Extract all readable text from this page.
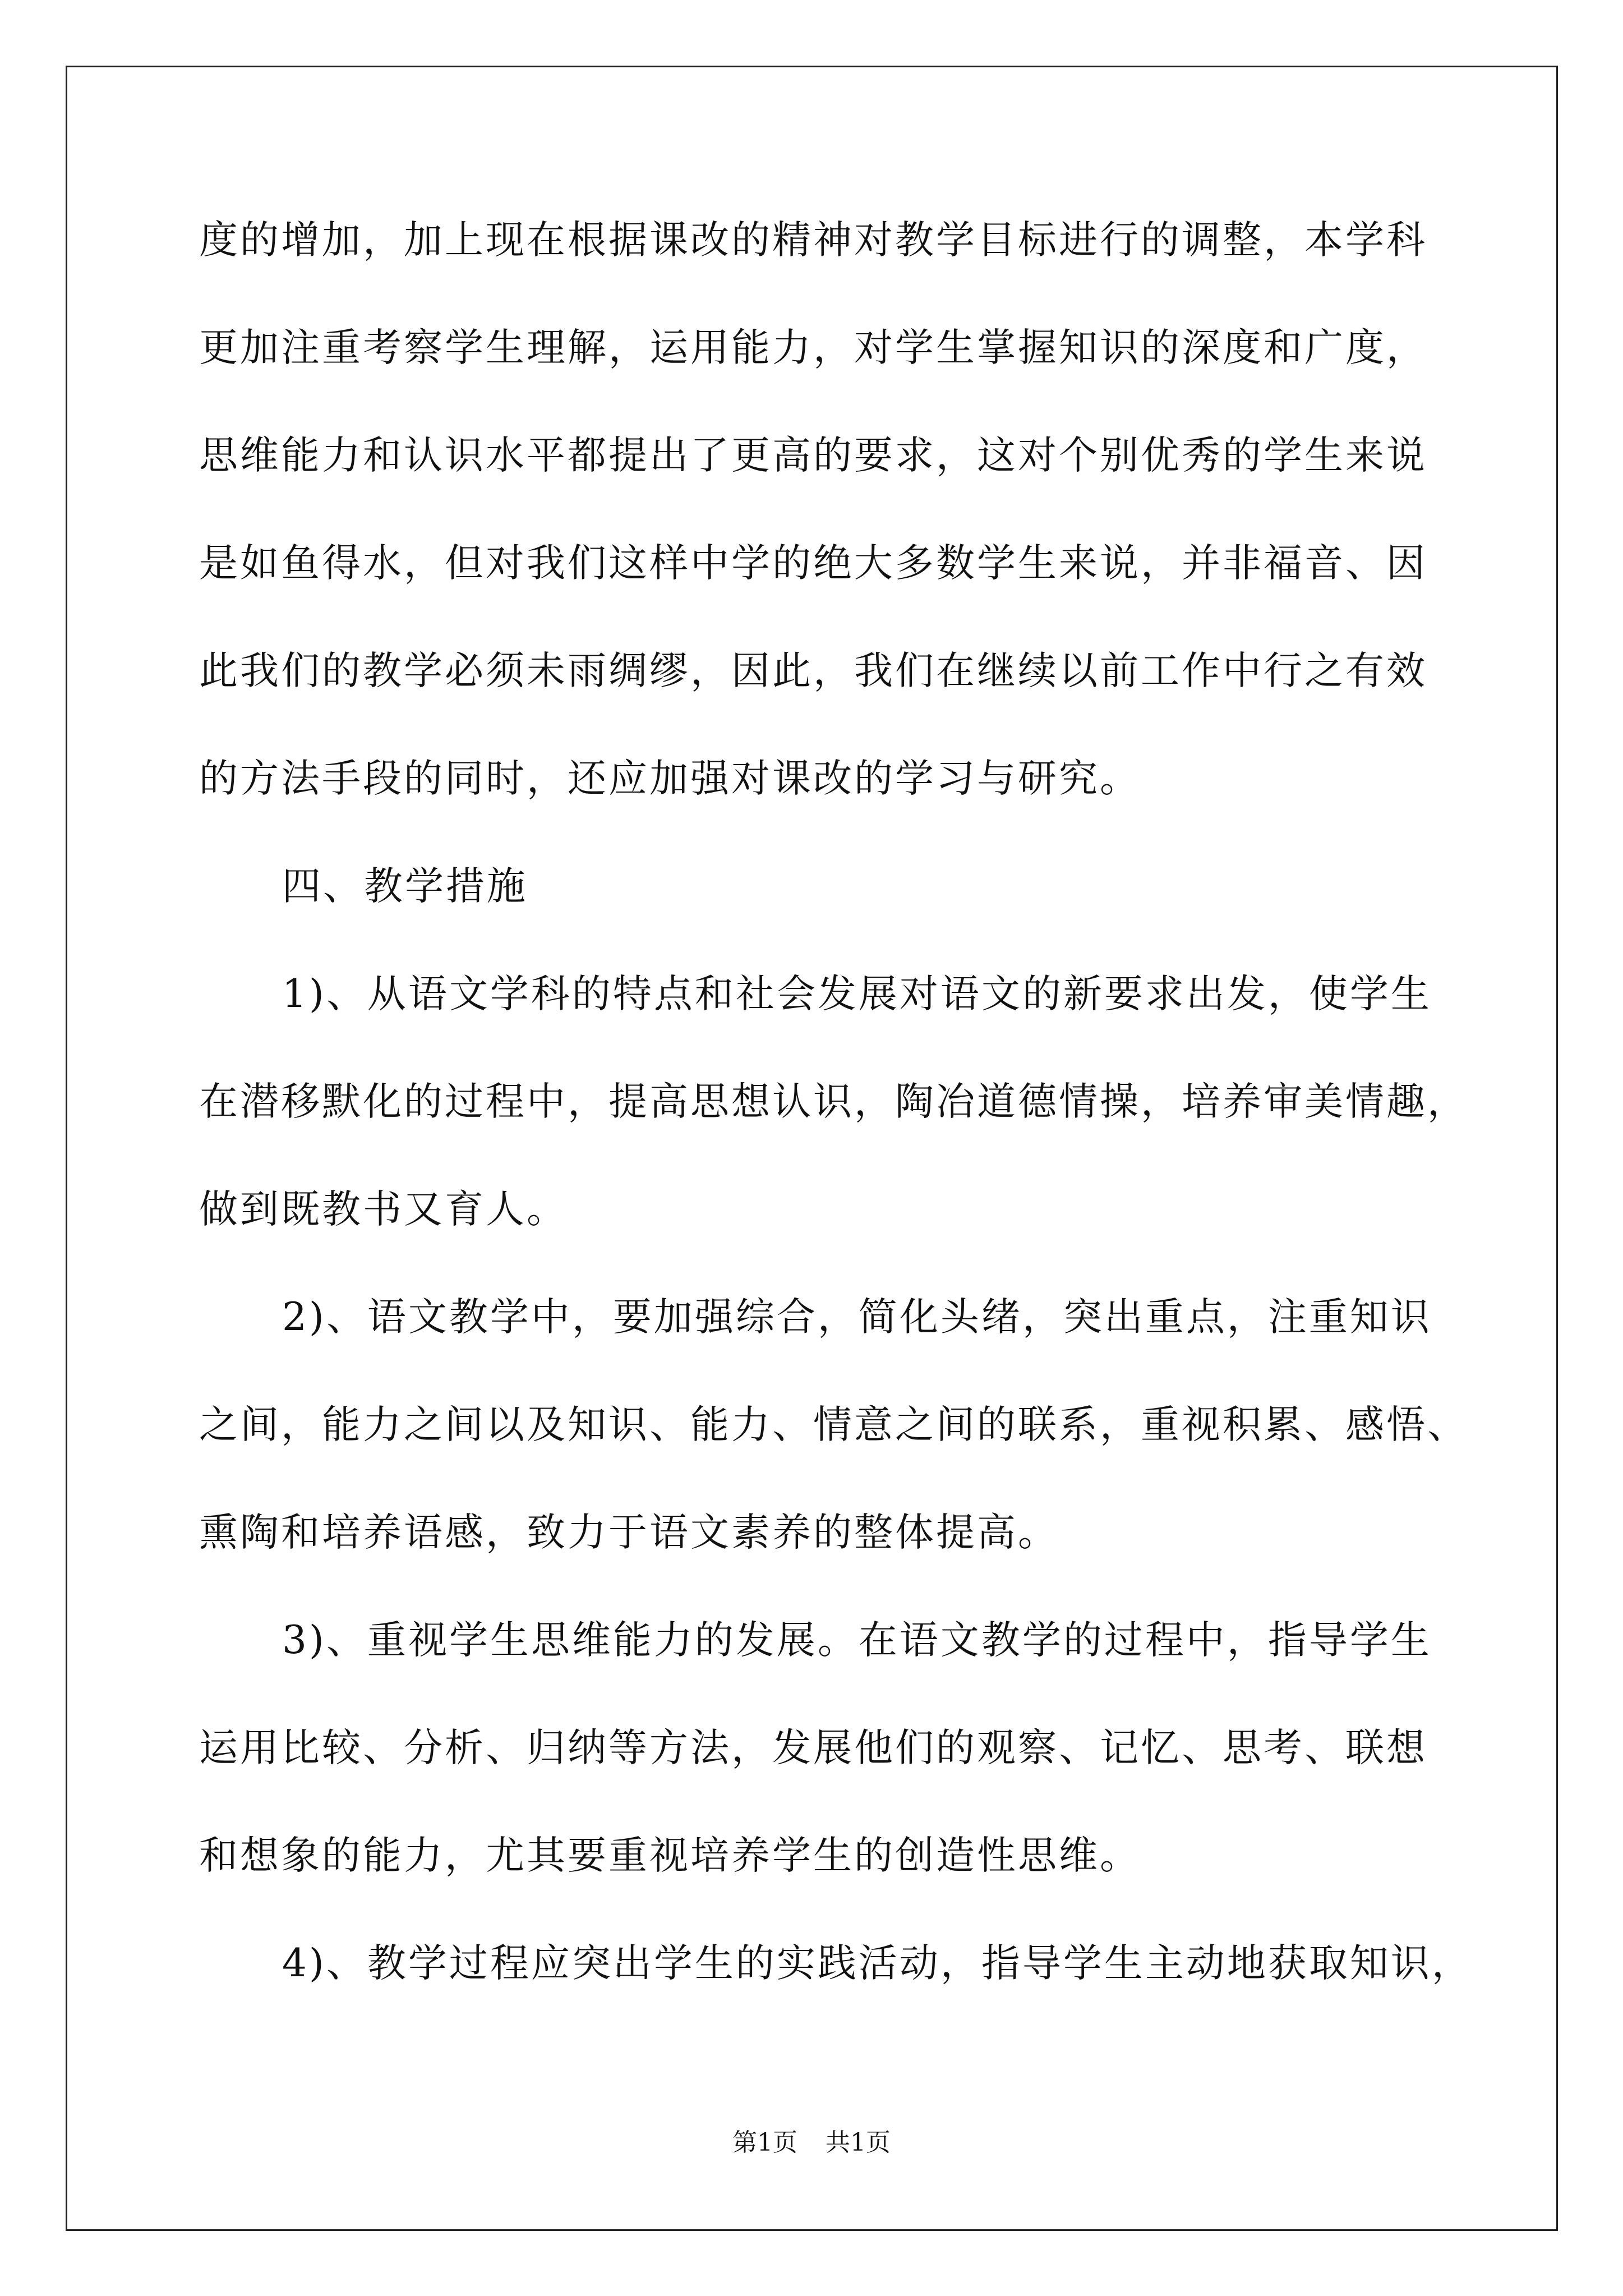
度的增加，加上现在根据课改的精神对教学目标进行的调整，本学科
更加注重考察学生理解，运用能力，对学生掌握知识的深度和广度，
思维能力和认识水平都提出了更高的要求，这对个别优秀的学生来说
是如鱼得水，但对我们这样中学的绝大多数学生来说，并非福音、因
此我们的教学必须未雨绸缪，因此，我们在继续以前工作中行之有效
的方法手段的同时，还应加强对课改的学习与研究。
四、教学措施
1)、从语文学科的特点和社会发展对语文的新要求出发，使学生
在潜移默化的过程中，提高思想认识，陶冶道德情操，培养审美情趣，
做到既教书又育人。
2)、语文教学中，要加强综合，简化头绪，突出重点，注重知识
之间，能力之间以及知识、能力、情意之间的联系，重视积累、感悟、
熏陶和培养语感，致力于语文素养的整体提高。
3)、重视学生思维能力的发展。在语文教学的过程中，指导学生
运用比较、分析、归纳等方法，发展他们的观察、记忆、思考、联想
和想象的能力，尤其要重视培养学生的创造性思维。
4)、教学过程应突出学生的实践活动，指导学生主动地获取知识，
第1页 共1页
